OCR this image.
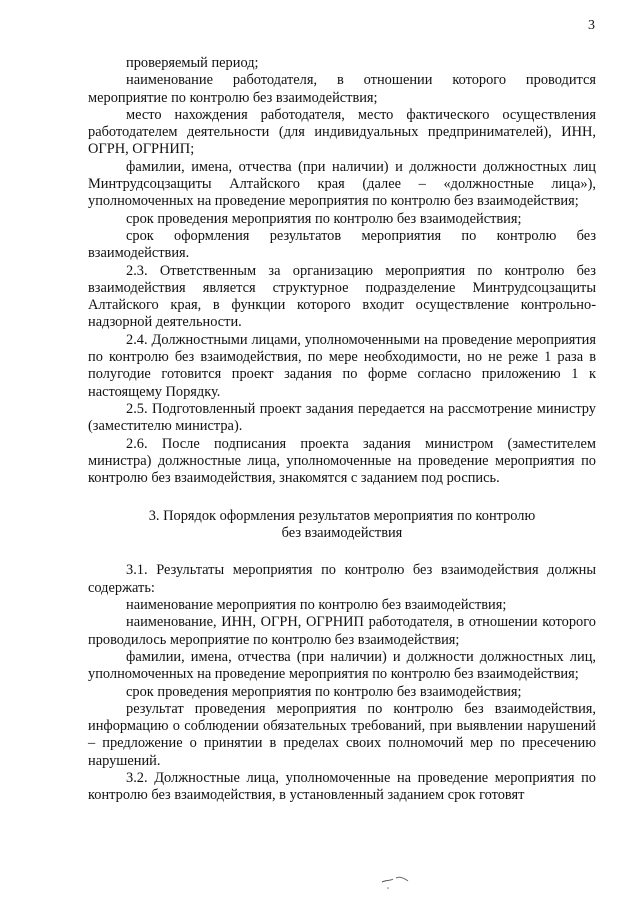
3

проверяемый период;

наименование работодателя, в отношении которого проводится мероприятие по контролю без взаимодействия;

место нахождения работодателя, место фактического осуществления работодателем деятельности (для индивидуальных предпринимателей), ИНН, ОГРН, ОГРНИП;

фамилии, имена, отчества (при наличии) и должности должностных лиц Минтрудсоцзащиты Алтайского края (далее – «должностные лица»), уполномоченных на проведение мероприятия по контролю без взаимодействия;

срок проведения мероприятия по контролю без взаимодействия;

срок оформления результатов мероприятия по контролю без взаимодействия.

2.3. Ответственным за организацию мероприятия по контролю без взаимодействия является структурное подразделение Минтрудсоцзащиты Алтайского края, в функции которого входит осуществление контрольно-надзорной деятельности.

2.4. Должностными лицами, уполномоченными на проведение мероприятия по контролю без взаимодействия, по мере необходимости, но не реже 1 раза в полугодие готовится проект задания по форме согласно приложению 1 к настоящему Порядку.

2.5. Подготовленный проект задания передается на рассмотрение министру (заместителю министра).

2.6. После подписания проекта задания министром (заместителем министра) должностные лица, уполномоченные на проведение мероприятия по контролю без взаимодействия, знакомятся с заданием под роспись.

3. Порядок оформления результатов мероприятия по контролю
без взаимодействия

3.1. Результаты мероприятия по контролю без взаимодействия должны содержать:

наименование мероприятия по контролю без взаимодействия;

наименование, ИНН, ОГРН, ОГРНИП работодателя, в отношении которого проводилось мероприятие по контролю без взаимодействия;

фамилии, имена, отчества (при наличии) и должности должностных лиц, уполномоченных на проведение мероприятия по контролю без взаимодействия;

срок проведения мероприятия по контролю без взаимодействия;

результат проведения мероприятия по контролю без взаимодействия, информацию о соблюдении обязательных требований, при выявлении нарушений – предложение о принятии в пределах своих полномочий мер по пресечению нарушений.

3.2. Должностные лица, уполномоченные на проведение мероприятия по контролю без взаимодействия, в установленный заданием срок готовят
